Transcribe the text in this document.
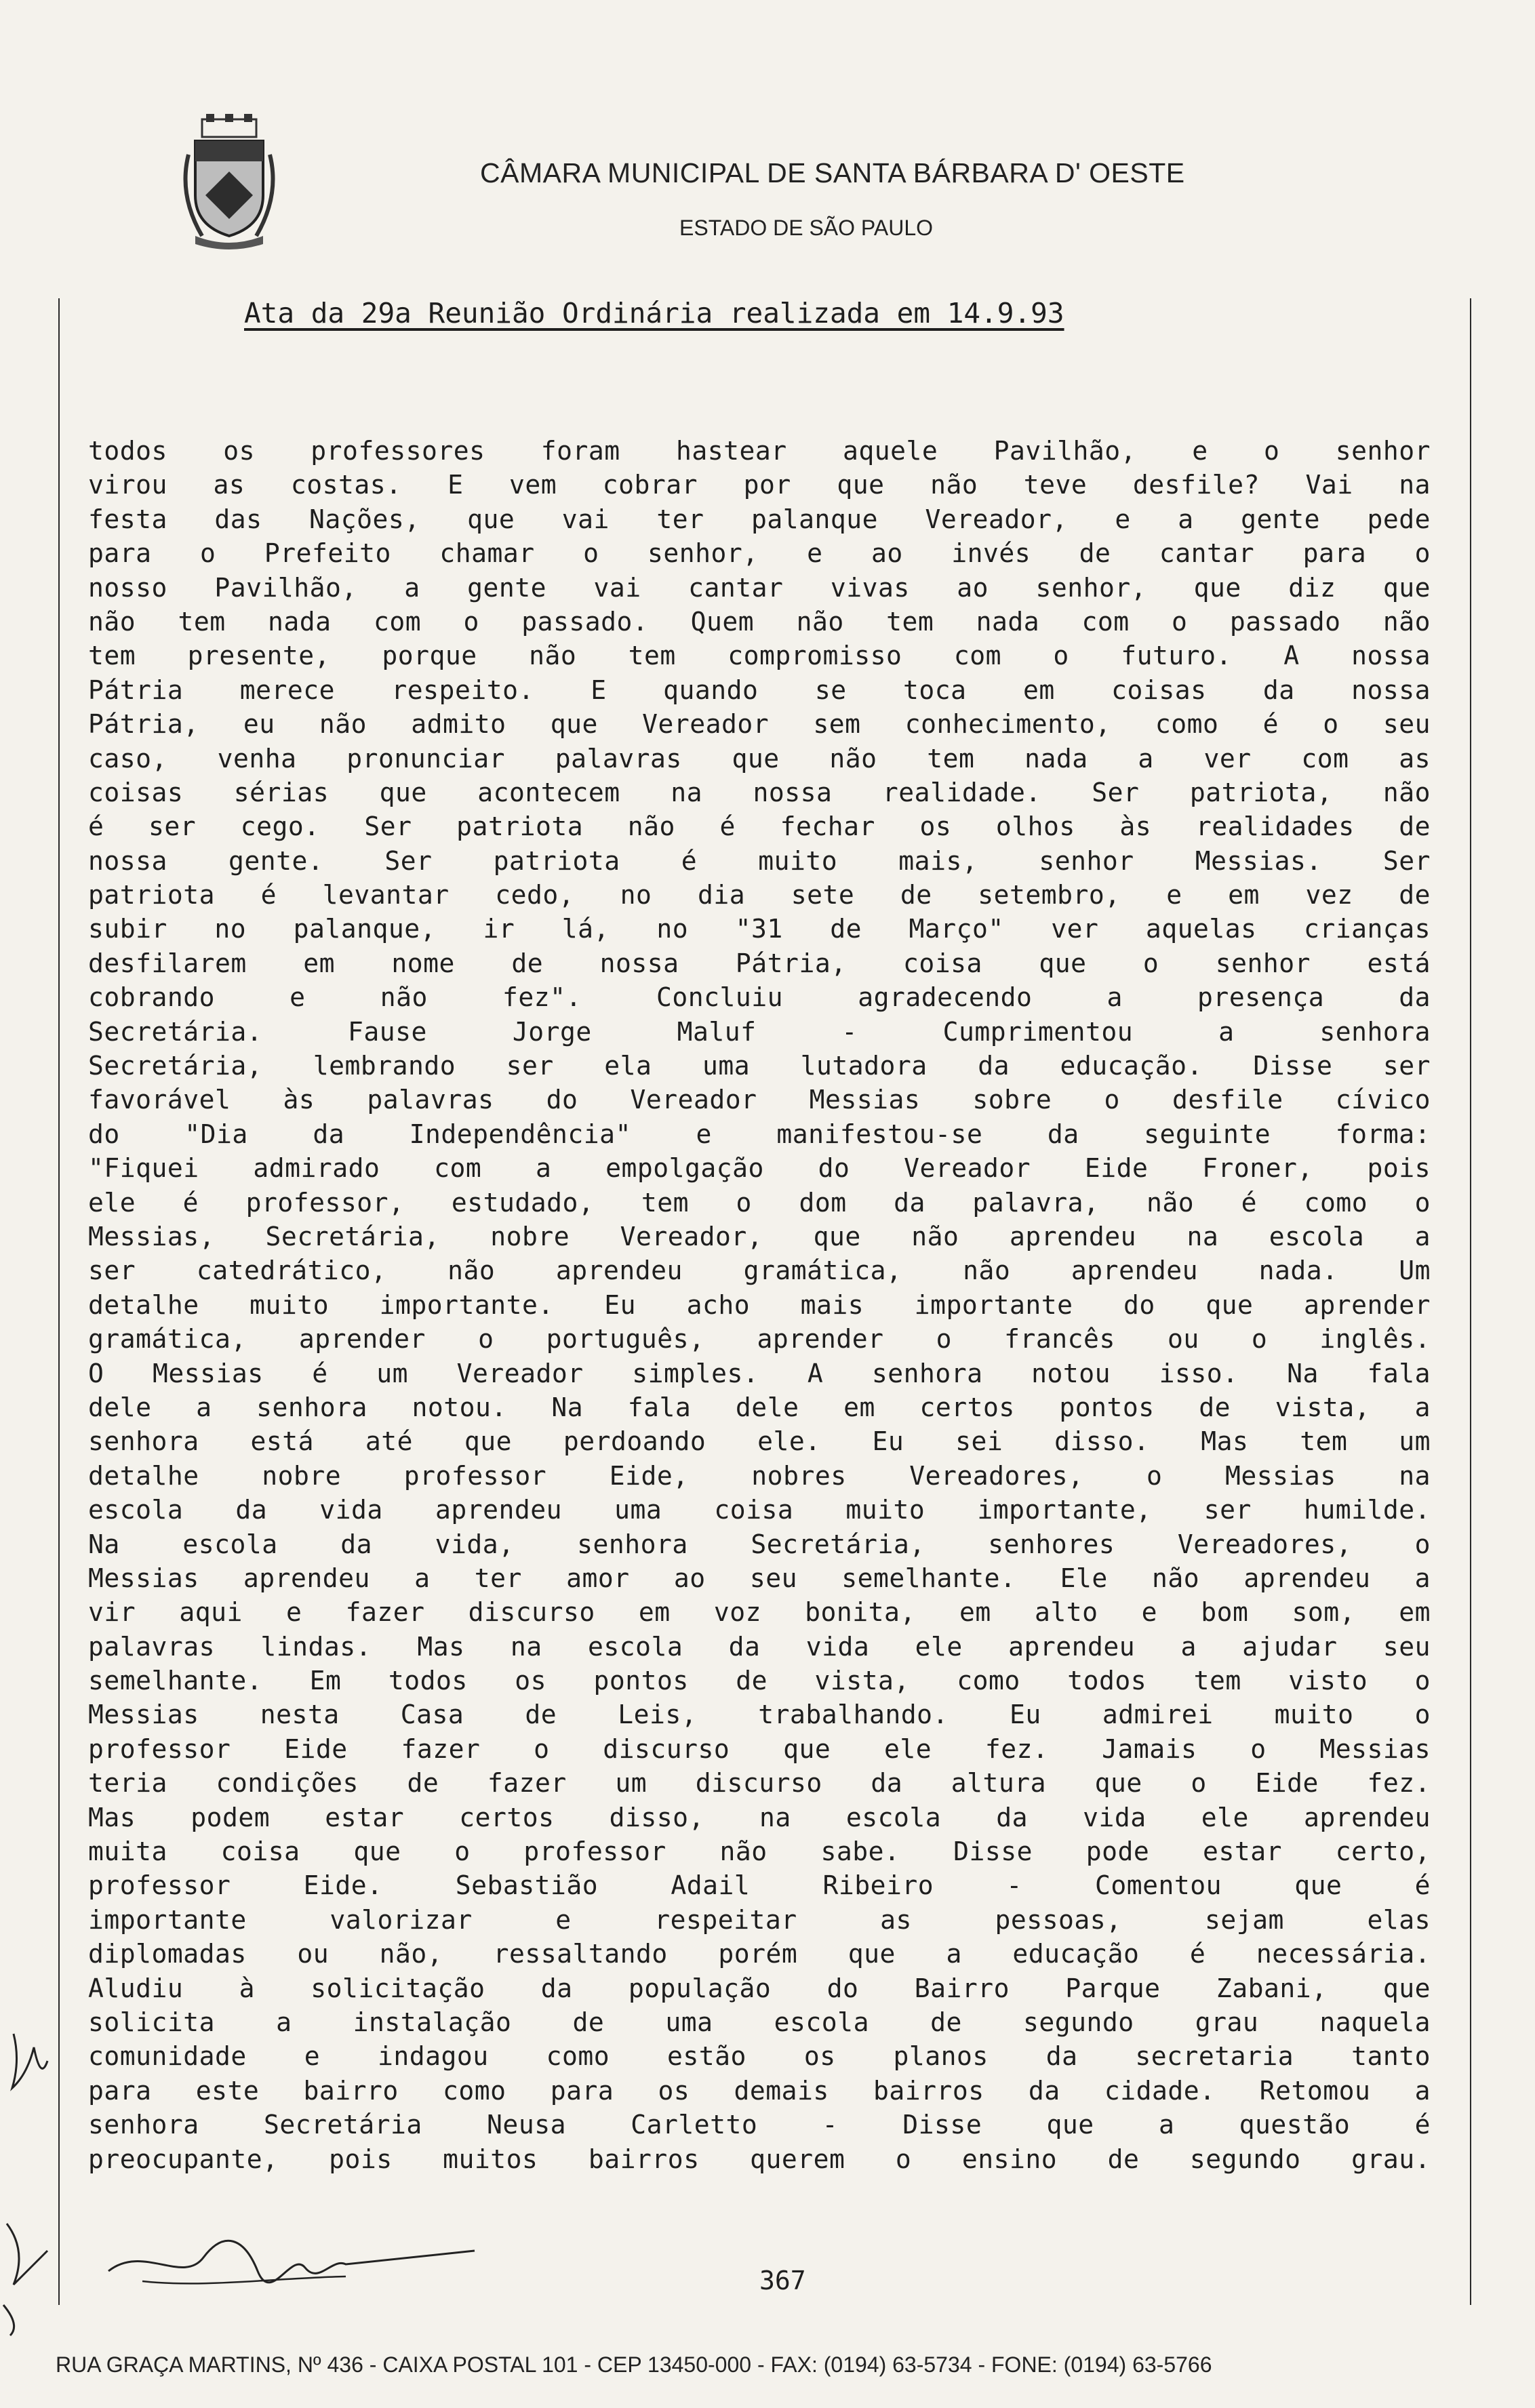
CÂMARA MUNICIPAL DE SANTA BÁRBARA D' OESTE
ESTADO DE SÃO PAULO
Ata da 29a Reunião Ordinária realizada em 14.9.93
todos os professores foram hastear aquele Pavilhão, e o senhor
virou as costas. E vem cobrar por que não teve desfile? Vai na
festa das Nações, que vai ter palanque Vereador, e a gente pede
para o Prefeito chamar o senhor, e ao invés de cantar para o
nosso Pavilhão, a gente vai cantar vivas ao senhor, que diz que
não tem nada com o passado. Quem não tem nada com o passado não
tem presente, porque não tem compromisso com o futuro. A nossa
Pátria merece respeito. E quando se toca em coisas da nossa
Pátria, eu não admito que Vereador sem conhecimento, como é o seu
caso, venha pronunciar palavras que não tem nada a ver com as
coisas sérias que acontecem na nossa realidade. Ser patriota, não
é ser cego. Ser patriota não é fechar os olhos às realidades de
nossa gente. Ser patriota é muito mais, senhor Messias. Ser
patriota é levantar cedo, no dia sete de setembro, e em vez de
subir no palanque, ir lá, no "31 de Março" ver aquelas crianças
desfilarem em nome de nossa Pátria, coisa que o senhor está
cobrando e não fez". Concluiu agradecendo a presença da
Secretária. Fause Jorge Maluf - Cumprimentou a senhora
Secretária, lembrando ser ela uma lutadora da educação. Disse ser
favorável às palavras do Vereador Messias sobre o desfile cívico
do "Dia da Independência" e manifestou-se da seguinte forma:
"Fiquei admirado com a empolgação do Vereador Eide Froner, pois
ele é professor, estudado, tem o dom da palavra, não é como o
Messias, Secretária, nobre Vereador, que não aprendeu na escola a
ser catedrático, não aprendeu gramática, não aprendeu nada. Um
detalhe muito importante. Eu acho mais importante do que aprender
gramática, aprender o português, aprender o francês ou o inglês.
O Messias é um Vereador simples. A senhora notou isso. Na fala
dele a senhora notou. Na fala dele em certos pontos de vista, a
senhora está até que perdoando ele. Eu sei disso. Mas tem um
detalhe nobre professor Eide, nobres Vereadores, o Messias na
escola da vida aprendeu uma coisa muito importante, ser humilde.
Na escola da vida, senhora Secretária, senhores Vereadores, o
Messias aprendeu a ter amor ao seu semelhante. Ele não aprendeu a
vir aqui e fazer discurso em voz bonita, em alto e bom som, em
palavras lindas. Mas na escola da vida ele aprendeu a ajudar seu
semelhante. Em todos os pontos de vista, como todos tem visto o
Messias nesta Casa de Leis, trabalhando. Eu admirei muito o
professor Eide fazer o discurso que ele fez. Jamais o Messias
teria condições de fazer um discurso da altura que o Eide fez.
Mas podem estar certos disso, na escola da vida ele aprendeu
muita coisa que o professor não sabe. Disse pode estar certo,
professor Eide. Sebastião Adail Ribeiro - Comentou que é
importante valorizar e respeitar as pessoas, sejam elas
diplomadas ou não, ressaltando porém que a educação é necessária.
Aludiu à solicitação da população do Bairro Parque Zabani, que
solicita a instalação de uma escola de segundo grau naquela
comunidade e indagou como estão os planos da secretaria tanto
para este bairro como para os demais bairros da cidade. Retomou a
senhora Secretária Neusa Carletto - Disse que a questão é
preocupante, pois muitos bairros querem o ensino de segundo grau.
367
RUA GRAÇA MARTINS, Nº 436 - CAIXA POSTAL 101 - CEP 13450-000 - FAX: (0194) 63-5734 - FONE: (0194) 63-5766
